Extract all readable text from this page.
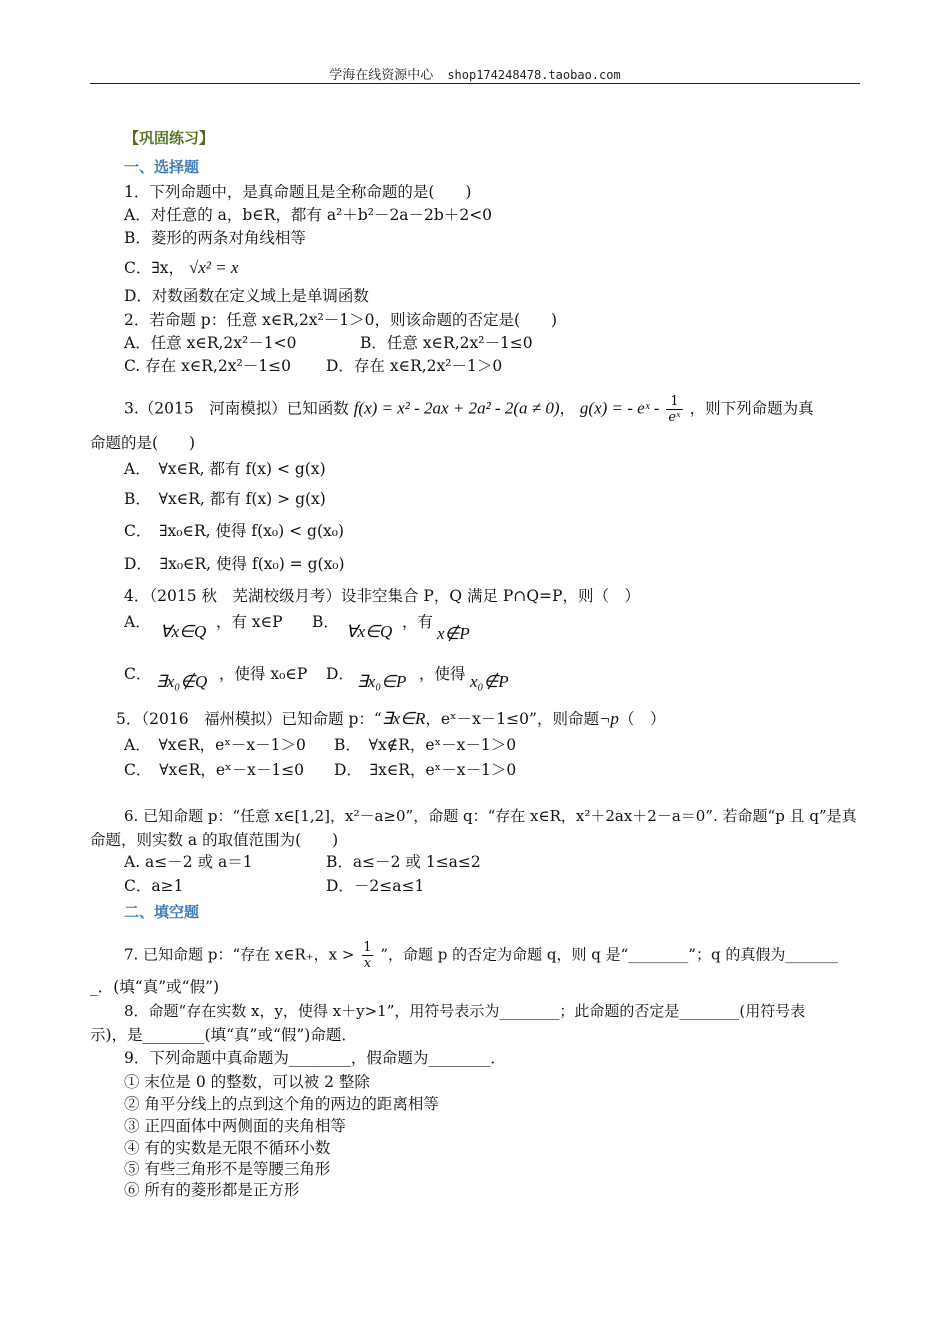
学海在线资源中心 shop174248478.taobao.com
【巩固练习】
一、选择题
1．下列命题中，是真命题且是全称命题的是(　　)
A．对任意的 a，b∈R，都有 a²＋b²－2a－2b＋2<0
B．菱形的两条对角线相等
C．∃x， √x² = x
D．对数函数在定义域上是单调函数
2．若命题 p：任意 x∈R,2x²－1＞0，则该命题的否定是(　　)
A．任意 x∈R,2x²－1<0	B．任意 x∈R,2x²－1≤0
C. 存在 x∈R,2x²－1≤0 D．存在 x∈R,2x²－1＞0
3.（2015　河南模拟）已知函数 f(x) = x² - 2ax + 2a² - 2(a ≠ 0)， g(x) = - eˣ - $\frac{1}{\text{eˣ}}$ ，则下列命题为真
命题的是(　　)
A．　∀x∈R, 都有 f(x) < g(x)
B．　∀x∈R, 都有 f(x) > g(x)
C．　∃x₀∈R, 使得 f(x₀) < g(x₀)
D．　∃x₀∈R, 使得 f(x₀) = g(x₀)
4．（2015 秋　芜湖校级月考）设非空集合 P，Q 满足 P∩Q=P，则（　）
A． ∀x∈Q ，有 x∈P B． ∀x∈Q ，有
x∉P
C． ∃x₀∉Q ，使得 x₀∈P D． ∃x₀∈P ，使得 x₀∉P
5．（2016　福州模拟）已知命题 p：“∃x∈R，eˣ－x－1≤0”，则命题¬p（　）
A．　∀x∈R，eˣ－x－1＞0 B．　∀x∉R，eˣ－x－1＞0
C．　∀x∈R，eˣ－x－1≤0 D．　∃x∈R，eˣ－x－1＞0
6. 已知命题 p：“任意 x∈[1,2]，x²－a≥0”，命题 q：“存在 x∈R，x²＋2ax＋2－a＝0”. 若命题“p 且 q”是真
命题，则实数 a 的取值范围为(　　)
A. a≤－2 或 a＝1	B．a≤－2 或 1≤a≤2
C．a≥1	D．－2≤a≤1
二、填空题
7. 已知命题 p：“存在 x∈R₊，$x > \frac{1}{x}$ ”，命题 p 的否定为命题 q，则 q 是“________”；q 的真假为_______
_．(填“真”或“假”)
8．命题“存在实数 x，y，使得 x＋y>1”，用符号表示为________；此命题的否定是________(用符号表
示)，是________(填“真”或“假”)命题．
9．下列命题中真命题为________，假命题为________．
① 末位是 0 的整数，可以被 2 整除
② 角平分线上的点到这个角的两边的距离相等
③ 正四面体中两侧面的夹角相等
④ 有的实数是无限不循环小数
⑤ 有些三角形不是等腰三角形
⑥ 所有的菱形都是正方形
